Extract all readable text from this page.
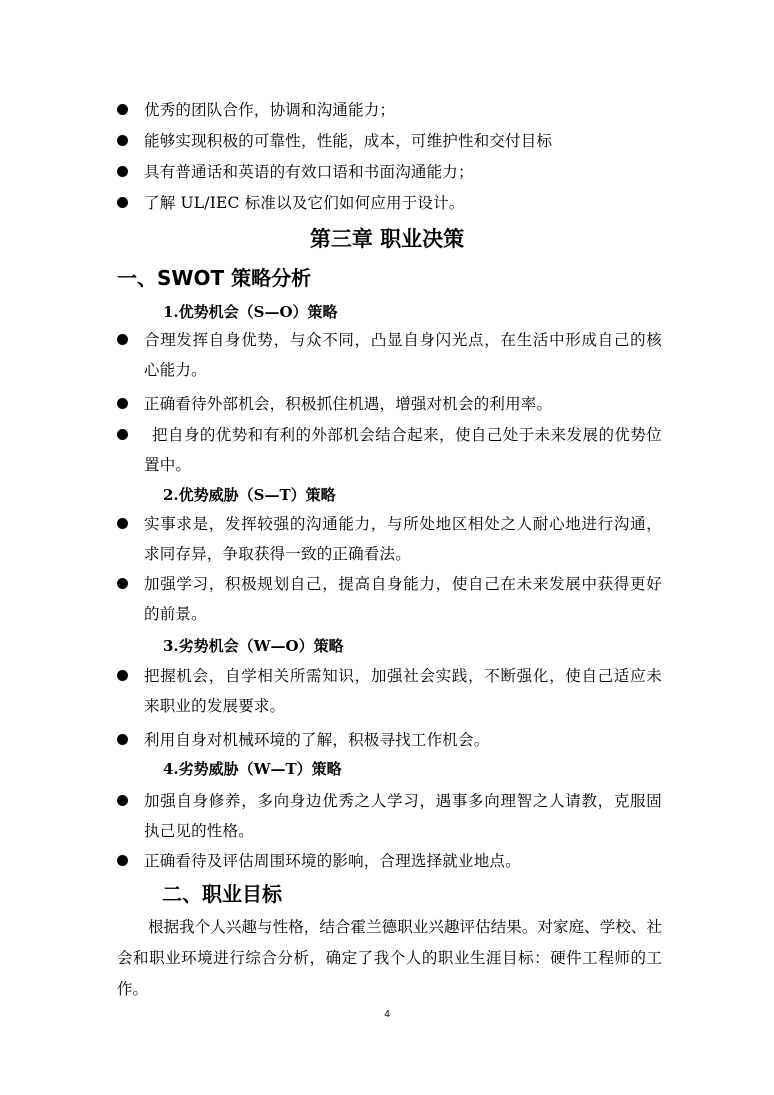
优秀的团队合作，协调和沟通能力；
能够实现积极的可靠性，性能，成本，可维护性和交付目标
具有普通话和英语的有效口语和书面沟通能力；
了解 UL/IEC 标准以及它们如何应用于设计。
第三章 职业决策
一、SWOT 策略分析
1.优势机会（S—O）策略
合理发挥自身优势，与众不同，凸显自身闪光点，在生活中形成自己的核心能力。
正确看待外部机会，积极抓住机遇，增强对机会的利用率。
把自身的优势和有利的外部机会结合起来，使自己处于未来发展的优势位置中。
2.优势威胁（S—T）策略
实事求是，发挥较强的沟通能力，与所处地区相处之人耐心地进行沟通，求同存异，争取获得一致的正确看法。
加强学习，积极规划自己，提高自身能力，使自己在未来发展中获得更好的前景。
3.劣势机会（W—O）策略
把握机会，自学相关所需知识，加强社会实践，不断强化，使自己适应未 来职业的发展要求。
利用自身对机械环境的了解，积极寻找工作机会。
4.劣势威胁（W—T）策略
加强自身修养，多向身边优秀之人学习，遇事多向理智之人请教，克服固执己见的性格。
正确看待及评估周围环境的影响，合理选择就业地点。
二、职业目标
根据我个人兴趣与性格，结合霍兰德职业兴趣评估结果。对家庭、学校、社会和职业环境进行综合分析，确定了我个人的职业生涯目标：硬件工程师的工作。
4
